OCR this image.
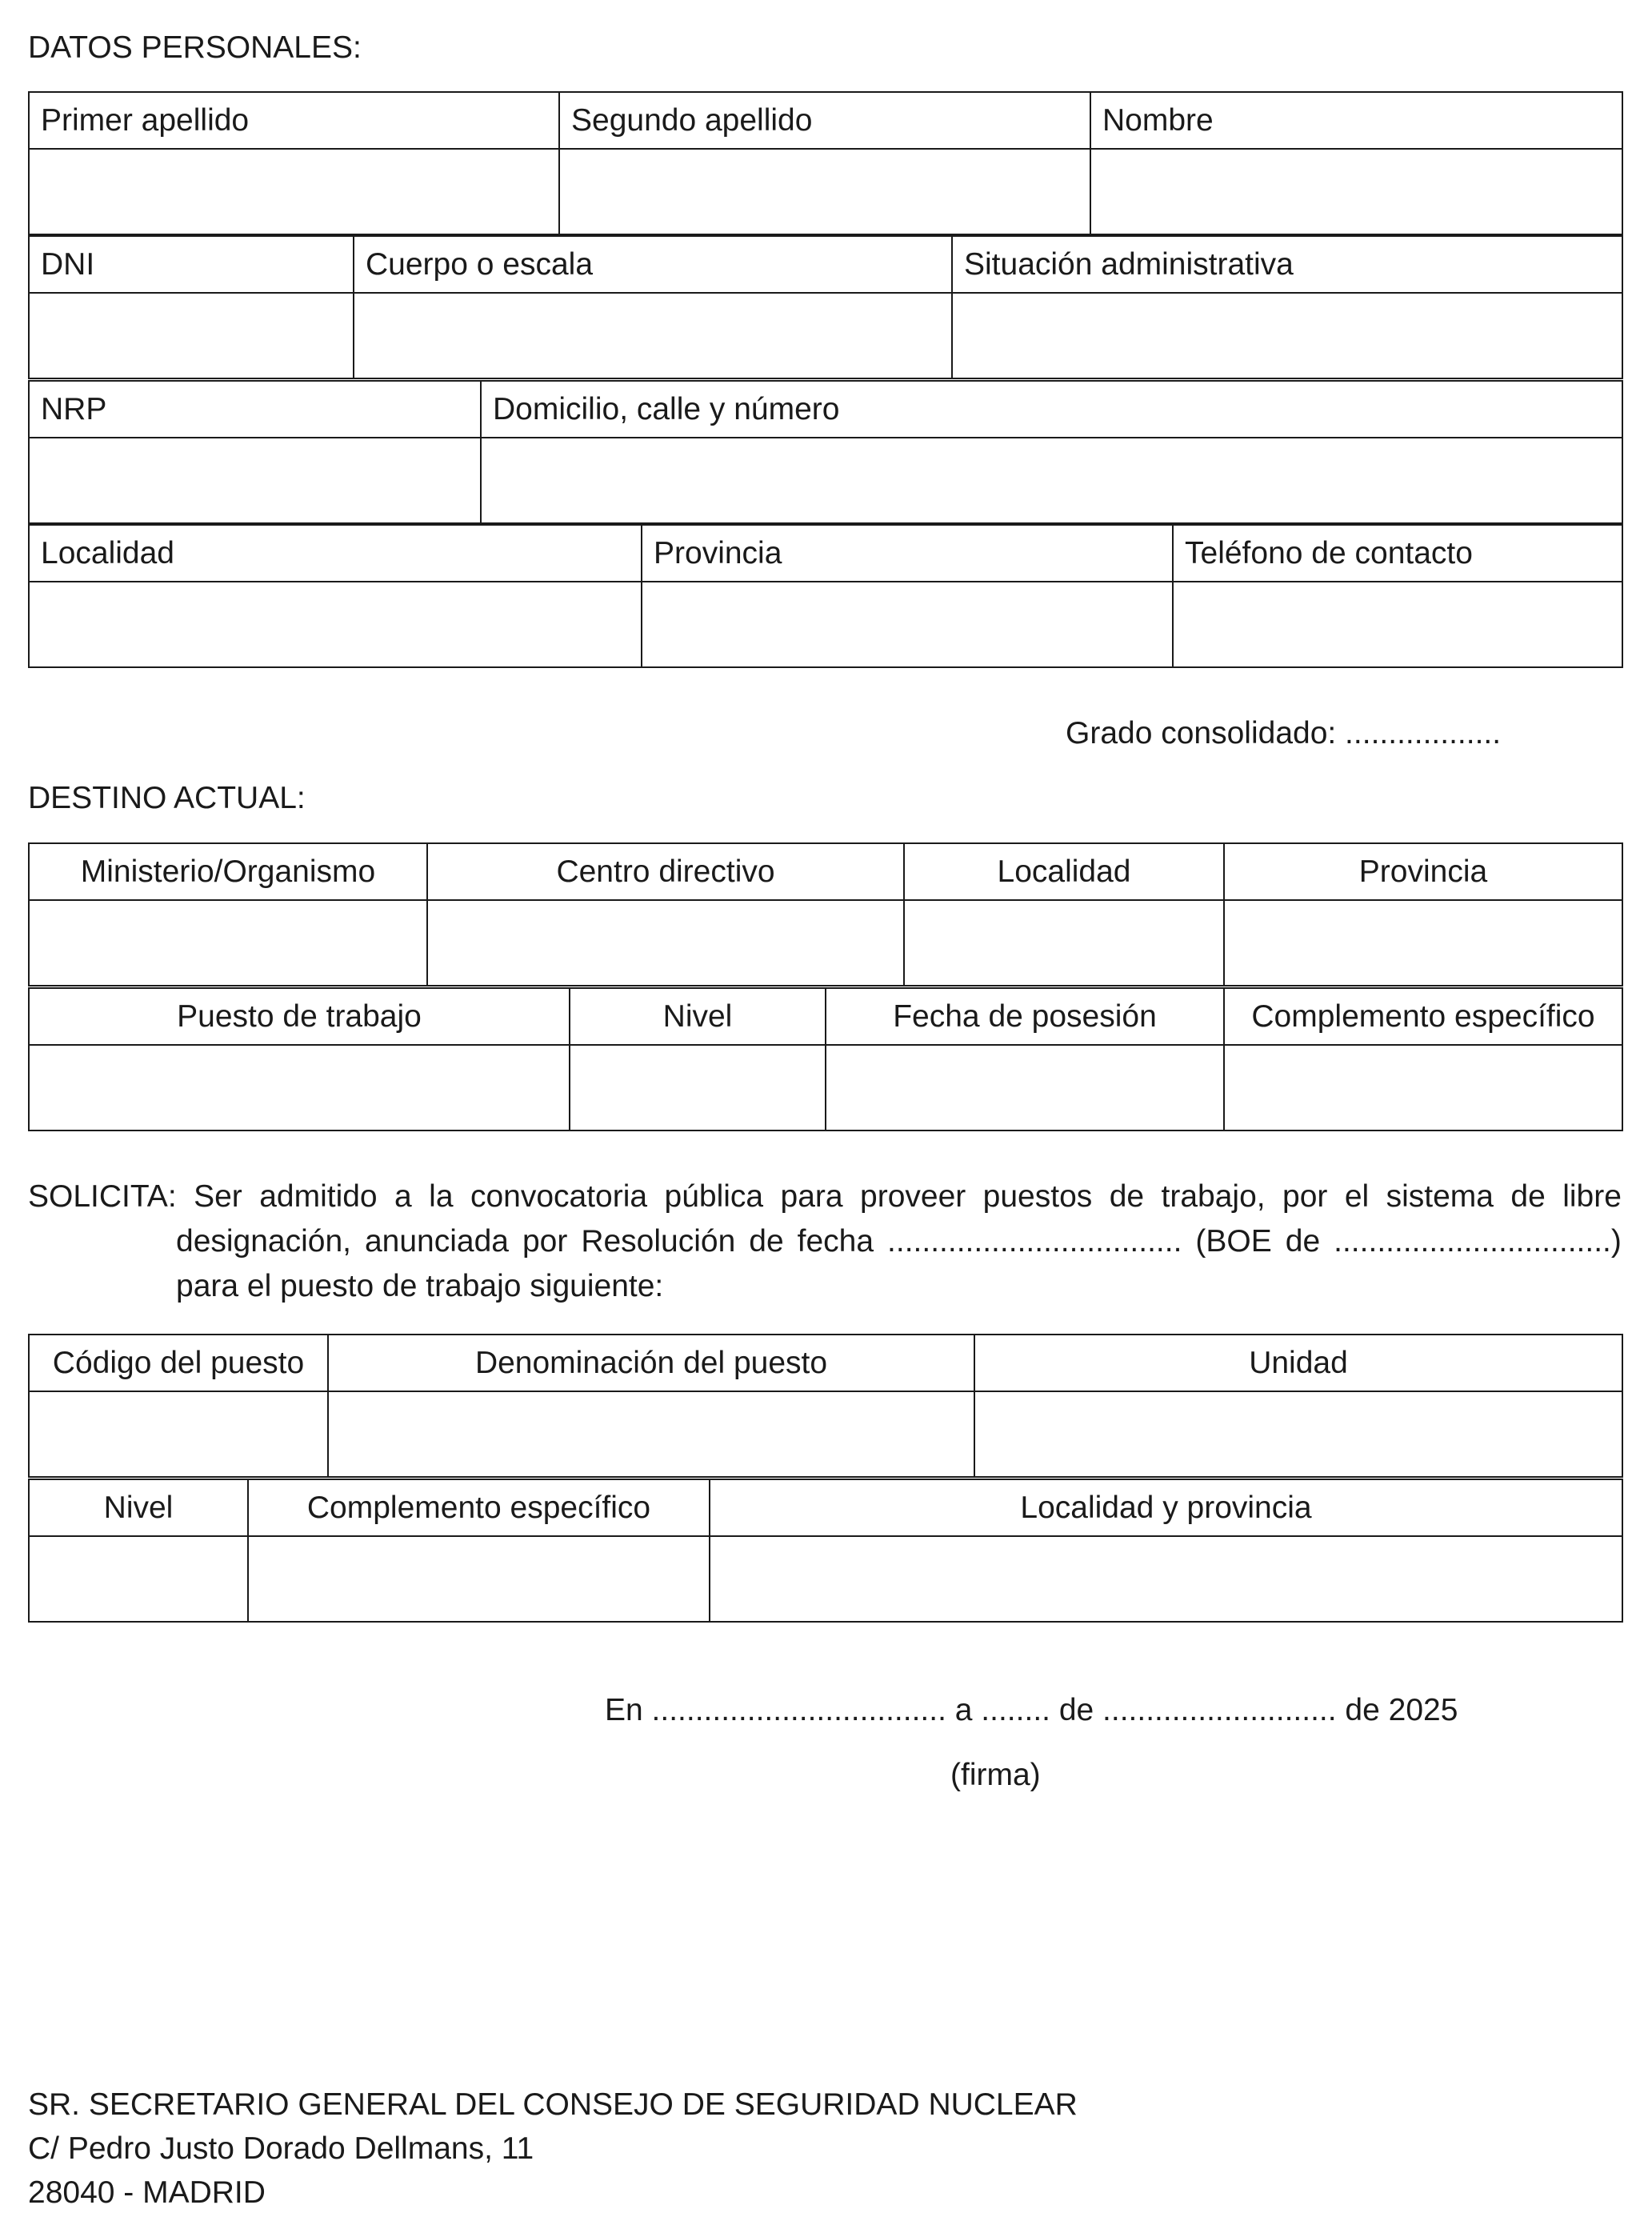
DATOS PERSONALES:
Primer apellido	Segundo apellido	Nombre

DNI	Cuerpo o escala	Situación administrativa

NRP	Domicilio, calle y número

Localidad	Provincia	Teléfono de contacto

Grado consolidado: ..................
DESTINO ACTUAL:
Ministerio/Organismo	Centro directivo	Localidad	Provincia

Puesto de trabajo	Nivel	Fecha de posesión	Complemento específico

SOLICITA: Ser admitido a la convocatoria pública para proveer puestos de trabajo, por el sistema de libre
designación, anunciada por Resolución de fecha .................................. (BOE de ................................)
para el puesto de trabajo siguiente:
Código del puesto	Denominación del puesto	Unidad

Nivel	Complemento específico	Localidad y provincia

En .................................. a ........ de ........................... de 2025
(firma)
SR. SECRETARIO GENERAL DEL CONSEJO DE SEGURIDAD NUCLEAR
C/ Pedro Justo Dorado Dellmans, 11
28040 - MADRID
